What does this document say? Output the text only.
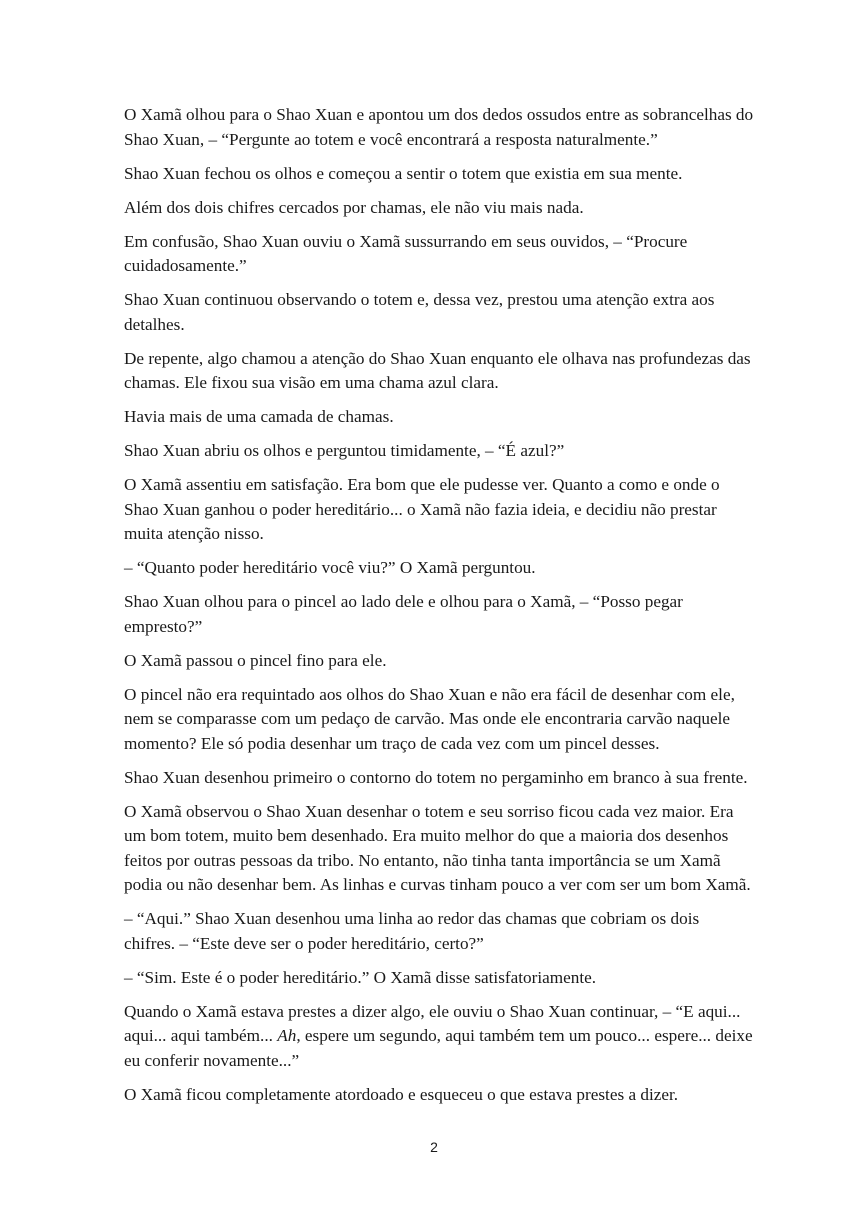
O Xamã olhou para o Shao Xuan e apontou um dos dedos ossudos entre as sobrancelhas do Shao Xuan, – “Pergunte ao totem e você encontrará a resposta naturalmente.”

Shao Xuan fechou os olhos e começou a sentir o totem que existia em sua mente.

Além dos dois chifres cercados por chamas, ele não viu mais nada.

Em confusão, Shao Xuan ouviu o Xamã sussurrando em seus ouvidos, – “Procure cuidadosamente.”

Shao Xuan continuou observando o totem e, dessa vez, prestou uma atenção extra aos detalhes.

De repente, algo chamou a atenção do Shao Xuan enquanto ele olhava nas profundezas das chamas. Ele fixou sua visão em uma chama azul clara.

Havia mais de uma camada de chamas.

Shao Xuan abriu os olhos e perguntou timidamente, – “É azul?”

O Xamã assentiu em satisfação. Era bom que ele pudesse ver. Quanto a como e onde o Shao Xuan ganhou o poder hereditário... o Xamã não fazia ideia, e decidiu não prestar muita atenção nisso.

– “Quanto poder hereditário você viu?” O Xamã perguntou.

Shao Xuan olhou para o pincel ao lado dele e olhou para o Xamã, – “Posso pegar empresto?”

O Xamã passou o pincel fino para ele.

O pincel não era requintado aos olhos do Shao Xuan e não era fácil de desenhar com ele, nem se comparasse com um pedaço de carvão. Mas onde ele encontraria carvão naquele momento? Ele só podia desenhar um traço de cada vez com um pincel desses.

Shao Xuan desenhou primeiro o contorno do totem no pergaminho em branco à sua frente.

O Xamã observou o Shao Xuan desenhar o totem e seu sorriso ficou cada vez maior. Era um bom totem, muito bem desenhado. Era muito melhor do que a maioria dos desenhos feitos por outras pessoas da tribo. No entanto, não tinha tanta importância se um Xamã podia ou não desenhar bem. As linhas e curvas tinham pouco a ver com ser um bom Xamã.

– “Aqui.” Shao Xuan desenhou uma linha ao redor das chamas que cobriam os dois chifres. – “Este deve ser o poder hereditário, certo?”

– “Sim. Este é o poder hereditário.” O Xamã disse satisfatoriamente.

Quando o Xamã estava prestes a dizer algo, ele ouviu o Shao Xuan continuar, – “E aqui... aqui... aqui também... Ah, espere um segundo, aqui também tem um pouco... espere... deixe eu conferir novamente...”

O Xamã ficou completamente atordoado e esqueceu o que estava prestes a dizer.

2
